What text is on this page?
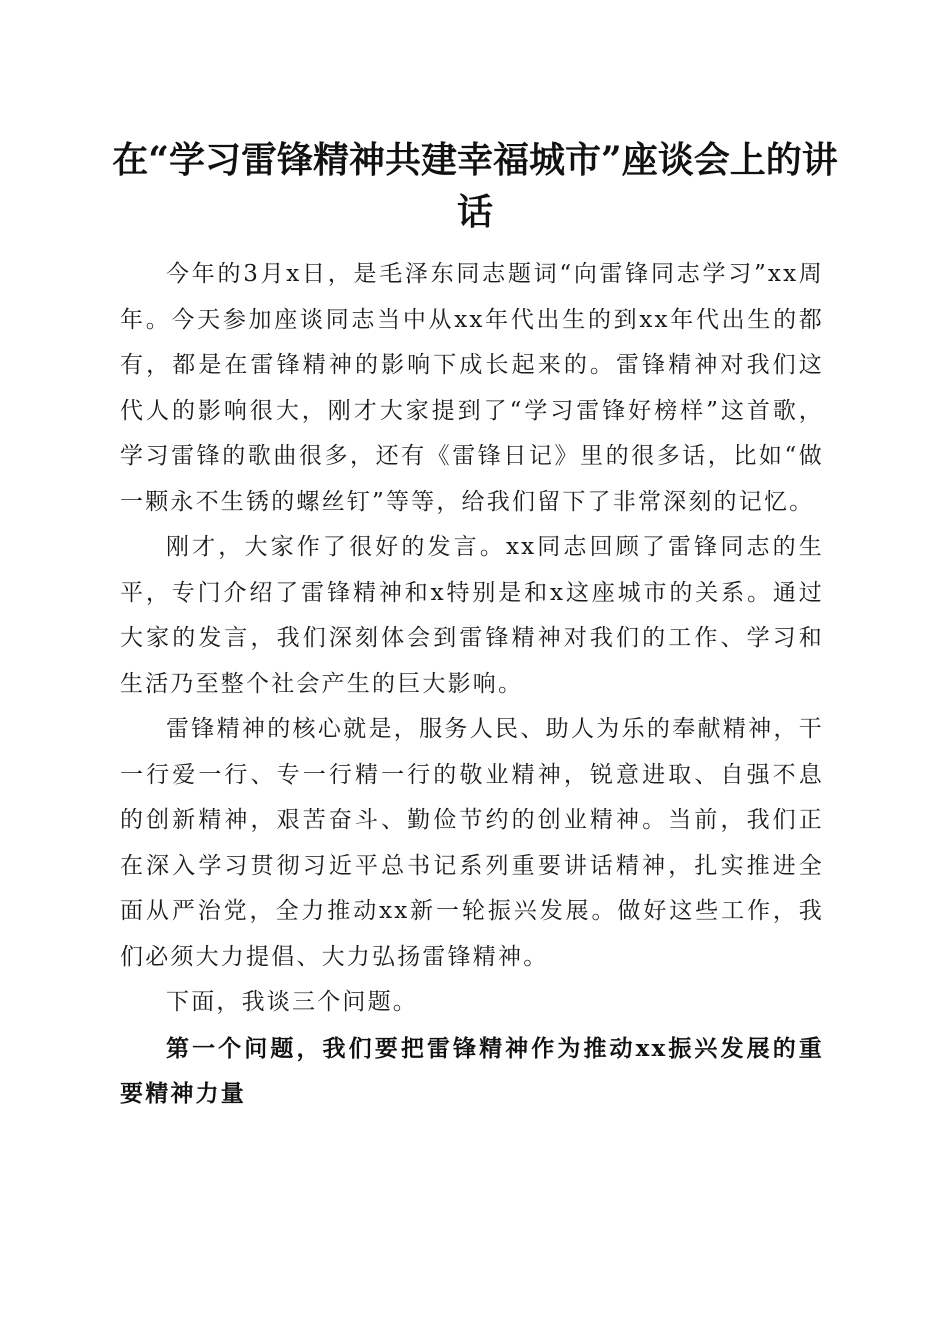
在“学习雷锋精神共建幸福城市”座谈会上的讲话

今年的3月x日，是毛泽东同志题词“向雷锋同志学习”xx周年。今天参加座谈同志当中从xx年代出生的到xx年代出生的都有，都是在雷锋精神的影响下成长起来的。雷锋精神对我们这代人的影响很大，刚才大家提到了“学习雷锋好榜样”这首歌，学习雷锋的歌曲很多，还有《雷锋日记》里的很多话，比如“做一颗永不生锈的螺丝钉”等等，给我们留下了非常深刻的记忆。

刚才，大家作了很好的发言。xx同志回顾了雷锋同志的生平，专门介绍了雷锋精神和x特别是和x这座城市的关系。通过大家的发言，我们深刻体会到雷锋精神对我们的工作、学习和生活乃至整个社会产生的巨大影响。

雷锋精神的核心就是，服务人民、助人为乐的奉献精神，干一行爱一行、专一行精一行的敬业精神，锐意进取、自强不息的创新精神，艰苦奋斗、勤俭节约的创业精神。当前，我们正在深入学习贯彻习近平总书记系列重要讲话精神，扎实推进全面从严治党，全力推动xx新一轮振兴发展。做好这些工作，我们必须大力提倡、大力弘扬雷锋精神。

下面，我谈三个问题。

第一个问题，我们要把雷锋精神作为推动xx振兴发展的重要精神力量
